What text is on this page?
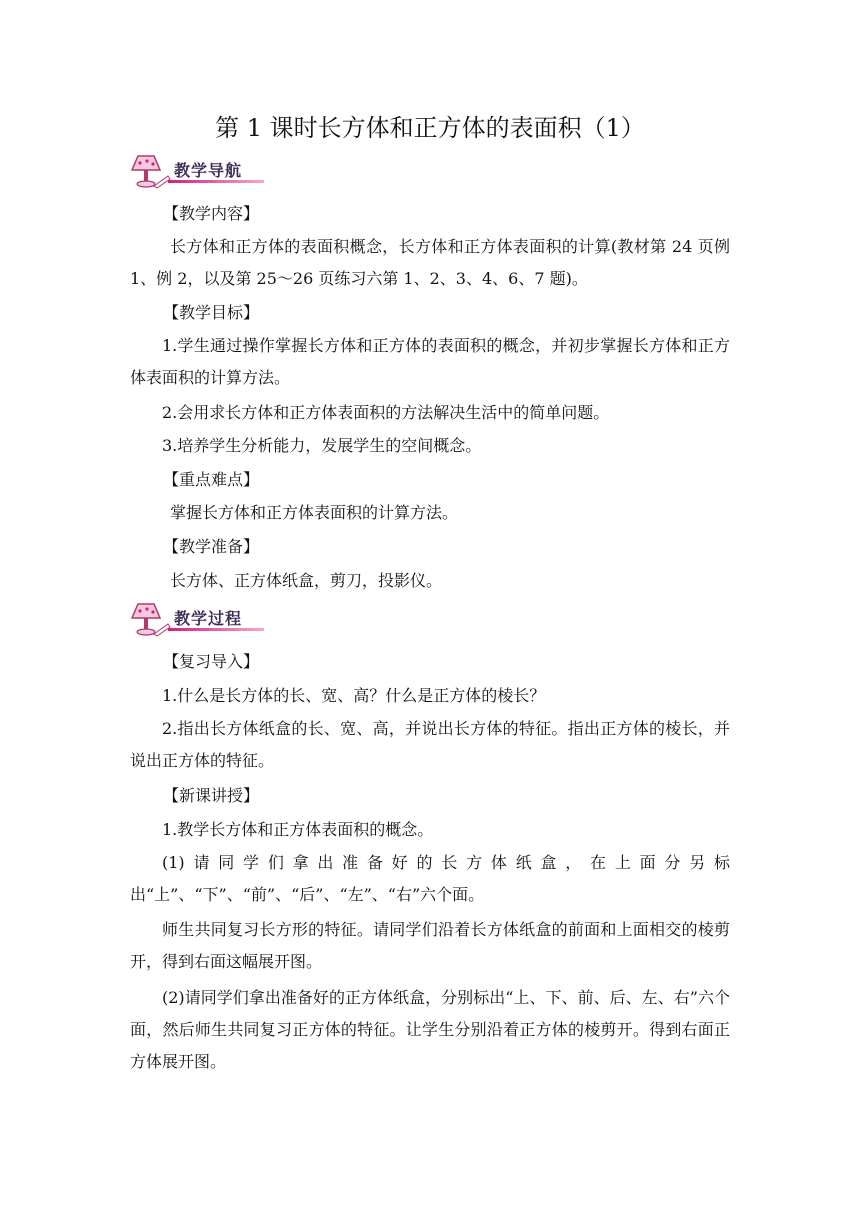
第 1 课时长方体和正方体的表面积（1）
教学导航
【教学内容】
长方体和正方体的表面积概念，长方体和正方体表面积的计算(教材第 24 页例 1、例 2，以及第 25～26 页练习六第 1、2、3、4、6、7 题)。
【教学目标】
1.学生通过操作掌握长方体和正方体的表面积的概念，并初步掌握长方体和正方体表面积的计算方法。
2.会用求长方体和正方体表面积的方法解决生活中的简单问题。
3.培养学生分析能力，发展学生的空间概念。
【重点难点】
掌握长方体和正方体表面积的计算方法。
【教学准备】
长方体、正方体纸盒，剪刀，投影仪。
教学过程
【复习导入】
1.什么是长方体的长、宽、高？什么是正方体的棱长？
2.指出长方体纸盒的长、宽、高，并说出长方体的特征。指出正方体的棱长，并说出正方体的特征。
【新课讲授】
1.教学长方体和正方体表面积的概念。
(1)请同学们拿出准备好的长方体纸盒，在上面分另标出“上”、“下”、“前”、“后”、“左”、“右”六个面。
师生共同复习长方形的特征。请同学们沿着长方体纸盒的前面和上面相交的棱剪开，得到右面这幅展开图。
(2)请同学们拿出准备好的正方体纸盒，分别标出“上、下、前、后、左、右”六个面，然后师生共同复习正方体的特征。让学生分别沿着正方体的棱剪开。得到右面正方体展开图。
